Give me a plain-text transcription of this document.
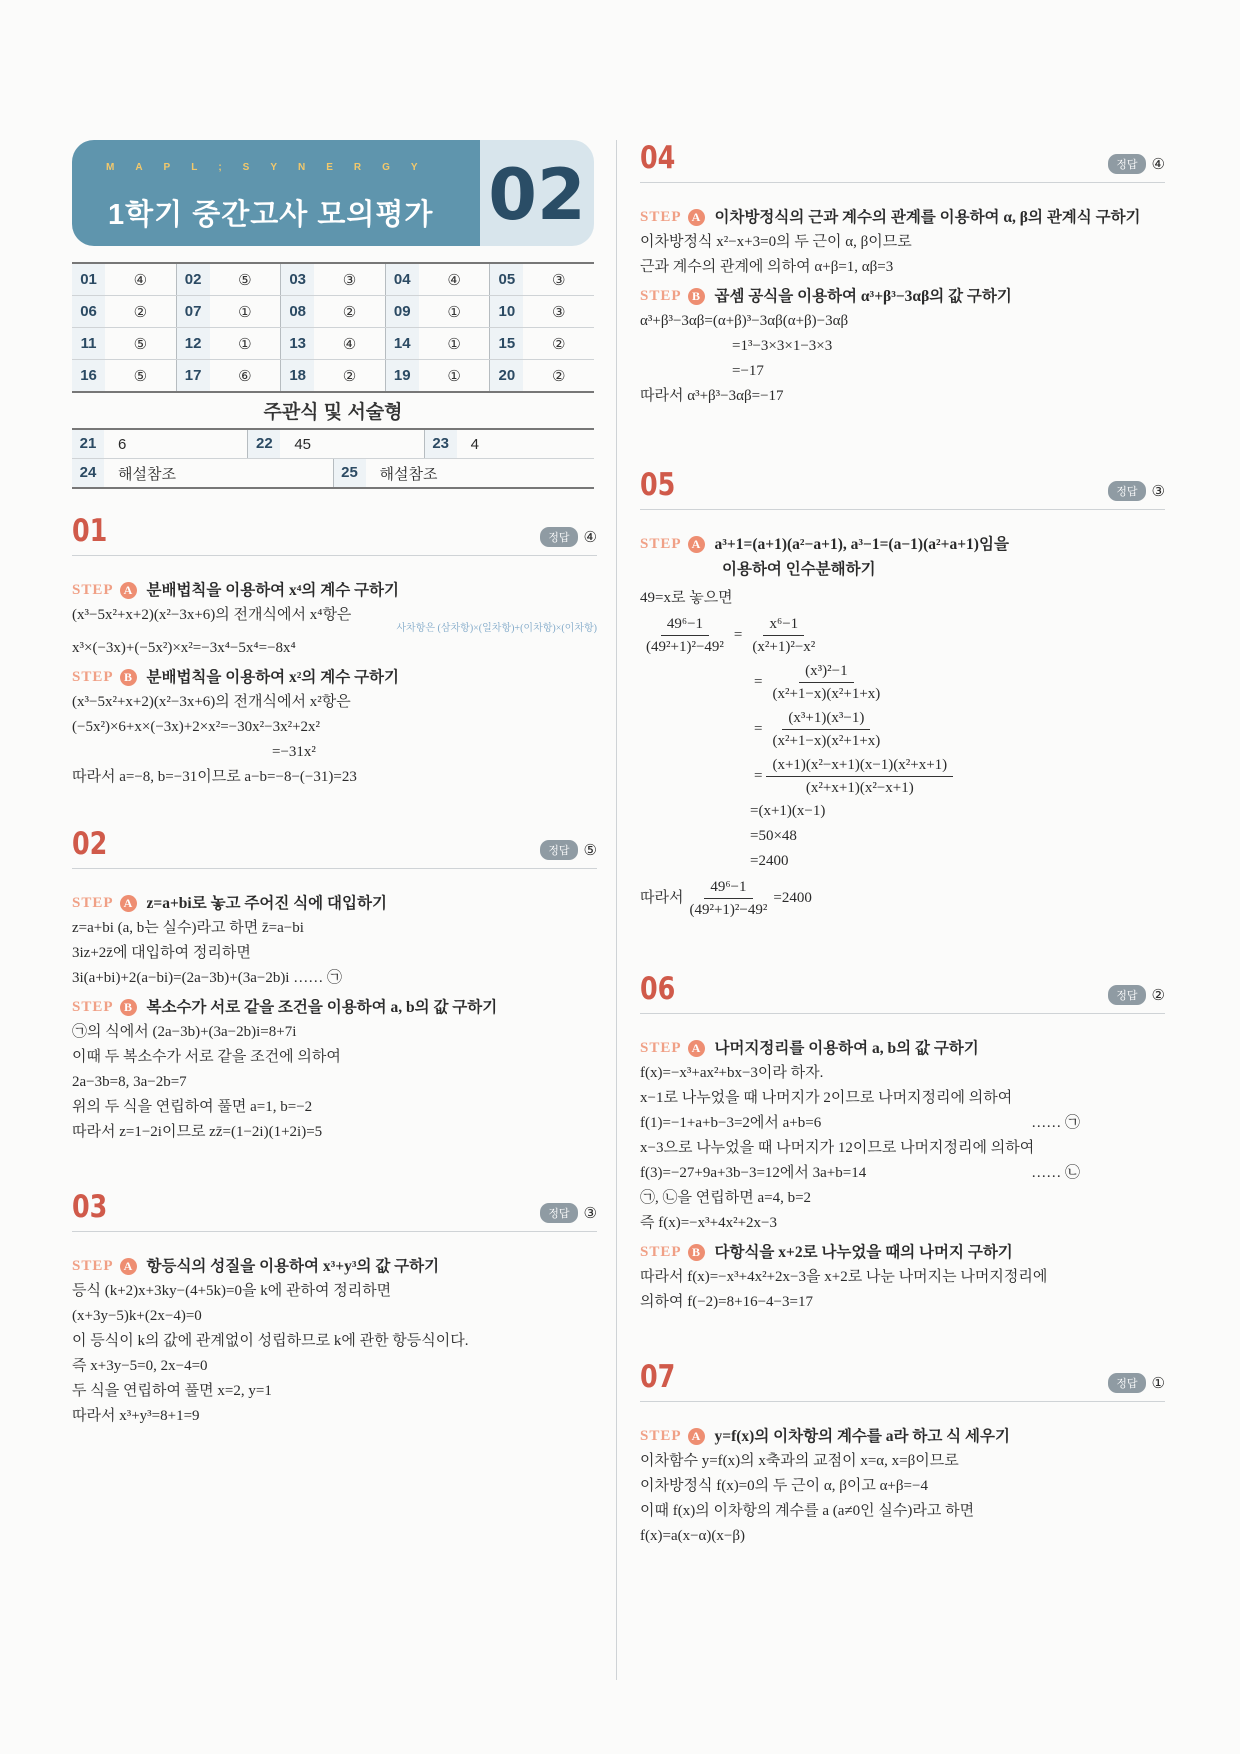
MAPL;SYNERGY
1학기 중간고사 모의평가 02
01	④	02	⑤	03	③	04	④	05	③
06	②	07	①	08	②	09	①	10	③
11	⑤	12	①	13	④	14	①	15	②
16	⑤	17	⑥	18	②	19	①	20	②
주관식 및 서술형
21	6	22	45	23	4
24	해설참조	25	해설참조
01	정답 ④
STEP A 분배법칙을 이용하여 x⁴의 계수 구하기
(x³−5x²+x+2)(x²−3x+6)의 전개식에서 x⁴항은
사차항은 (삼차항)×(일차항)+(이차항)×(이차항)
x³×(−3x)+(−5x²)×x²=−3x⁴−5x⁴=−8x⁴
STEP B 분배법칙을 이용하여 x²의 계수 구하기
(x³−5x²+x+2)(x²−3x+6)의 전개식에서 x²항은
(−5x²)×6+x×(−3x)+2×x²=−30x²−3x²+2x²
=−31x²
따라서 a=−8, b=−31이므로 a−b=−8−(−31)=23
02	정답 ⑤
STEP A z=a+bi로 놓고 주어진 식에 대입하기
z=a+bi (a, b는 실수)라고 하면 z̄=a−bi
3iz+2z̄에 대입하여 정리하면
3i(a+bi)+2(a−bi)=(2a−3b)+(3a−2b)i …… ㉠
STEP B 복소수가 서로 같을 조건을 이용하여 a, b의 값 구하기
㉠의 식에서 (2a−3b)+(3a−2b)i=8+7i
이때 두 복소수가 서로 같을 조건에 의하여
2a−3b=8, 3a−2b=7
위의 두 식을 연립하여 풀면 a=1, b=−2
따라서 z=1−2i이므로 zz̄=(1−2i)(1+2i)=5
03	정답 ③
STEP A 항등식의 성질을 이용하여 x³+y³의 값 구하기
등식 (k+2)x+3ky−(4+5k)=0을 k에 관하여 정리하면
(x+3y−5)k+(2x−4)=0
이 등식이 k의 값에 관계없이 성립하므로 k에 관한 항등식이다.
즉 x+3y−5=0, 2x−4=0
두 식을 연립하여 풀면 x=2, y=1
따라서 x³+y³=8+1=9
04	정답 ④
STEP A 이차방정식의 근과 계수의 관계를 이용하여 α, β의 관계식 구하기
이차방정식 x²−x+3=0의 두 근이 α, β이므로
근과 계수의 관계에 의하여 α+β=1, αβ=3
STEP B 곱셈 공식을 이용하여 α³+β³−3αβ의 값 구하기
α³+β³−3αβ=(α+β)³−3αβ(α+β)−3αβ
=1³−3×3×1−3×3
=−17
따라서 α³+β³−3αβ=−17
05	정답 ③
STEP A a³+1=(a+1)(a²−a+1), a³−1=(a−1)(a²+a+1)임을
이용하여 인수분해하기
49=x로 놓으면
$\frac{\text{49⁶−1}}{\text{(49²+1)²−49²}} = \frac{\text{x⁶−1}}{\text{(x²+1)²−x²}}$
= $\frac{\text{(x³)²−1}}{\text{(x²+1−x)(x²+1+x)}}$
= $\frac{\text{(x³+1)(x³−1)}}{\text{(x²+1−x)(x²+1+x)}}$
= $\frac{\text{(x+1)(x²−x+1)(x−1)(x²+x+1)}}{\text{(x²+x+1)(x²−x+1)}}$
=(x+1)(x−1)
=50×48
=2400
따라서 $\frac{\text{49⁶−1}}{\text{(49²+1)²−49²}} =2400$
06	정답 ②
STEP A 나머지정리를 이용하여 a, b의 값 구하기
f(x)=−x³+ax²+bx−3이라 하자.
x−1로 나누었을 때 나머지가 2이므로 나머지정리에 의하여
f(1)=−1+a+b−3=2에서 a+b=6	…… ㉠
x−3으로 나누었을 때 나머지가 12이므로 나머지정리에 의하여
f(3)=−27+9a+3b−3=12에서 3a+b=14	…… ㉡
㉠, ㉡을 연립하면 a=4, b=2
즉 f(x)=−x³+4x²+2x−3
STEP B 다항식을 x+2로 나누었을 때의 나머지 구하기
따라서 f(x)=−x³+4x²+2x−3을 x+2로 나눈 나머지는 나머지정리에
의하여 f(−2)=8+16−4−3=17
07	정답 ①
STEP A y=f(x)의 이차항의 계수를 a라 하고 식 세우기
이차함수 y=f(x)의 x축과의 교점이 x=α, x=β이므로
이차방정식 f(x)=0의 두 근이 α, β이고 α+β=−4
이때 f(x)의 이차항의 계수를 a (a≠0인 실수)라고 하면
f(x)=a(x−α)(x−β)
